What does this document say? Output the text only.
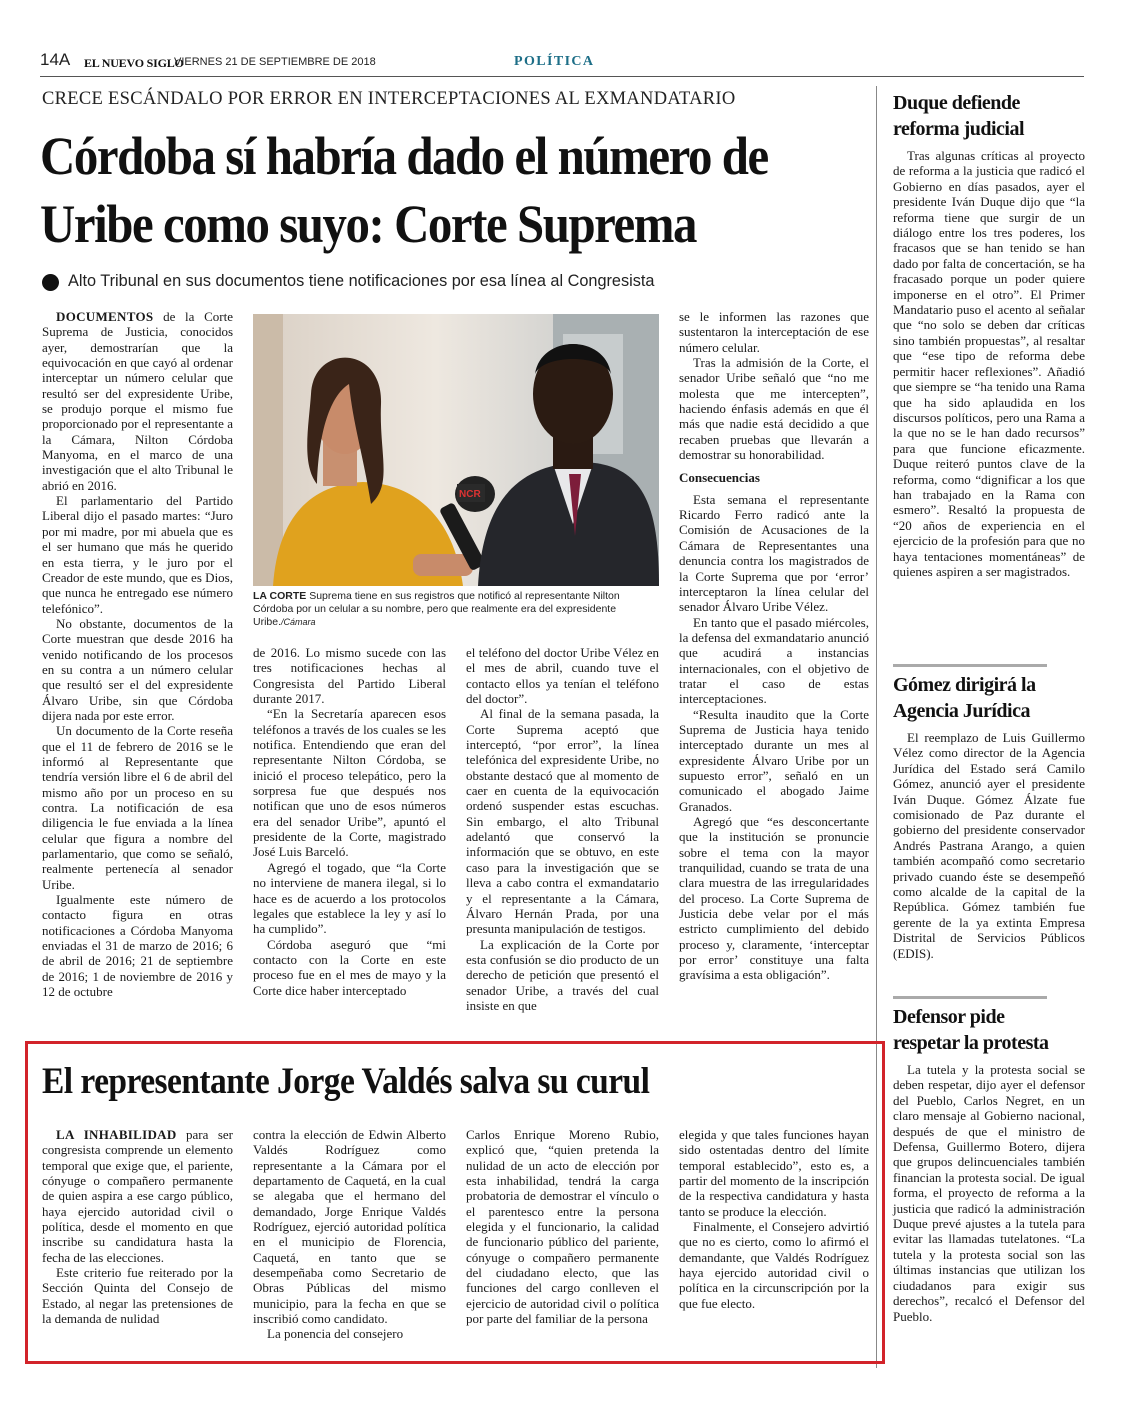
14A EL NUEVO SIGLO
VIERNES 21 DE SEPTIEMBRE DE 2018	POLÍTICA
CRECE ESCÁNDALO POR ERROR EN INTERCEPTACIONES AL EXMANDATARIO
Córdoba sí habría dado el número de Uribe como suyo: Corte Suprema
Alto Tribunal en sus documentos tiene notificaciones por esa línea al Congresista

DOCUMENTOS de la Corte Suprema de Justicia, conocidos ayer, demostrarían que la equivocación en que cayó al ordenar interceptar un número celular que resultó ser del expresidente Uribe, se produjo porque el mismo fue proporcionado por el representante a la Cámara, Nilton Córdoba Manyoma, en el marco de una investigación que el alto Tribunal le abrió en 2016.

El parlamentario del Partido Liberal dijo el pasado martes: “Juro por mi madre, por mi abuela que es el ser humano que más he querido en esta tierra, y le juro por el Creador de este mundo, que es Dios, que nunca he entregado ese número telefónico”.

No obstante, documentos de la Corte muestran que desde 2016 ha venido notificando de los procesos en su contra a un número celular que resultó ser el del expresidente Álvaro Uribe, sin que Córdoba dijera nada por este error.

Un documento de la Corte reseña que el 11 de febrero de 2016 se le informó al Representante que tendría versión libre el 6 de abril del mismo año por un proceso en su contra. La notificación de esa diligencia le fue enviada a la línea celular que figura a nombre del parlamentario, que como se señaló, realmente pertenecía al senador Uribe.

Igualmente este número de contacto figura en otras notificaciones a Córdoba Manyoma enviadas el 31 de marzo de 2016; 6 de abril de 2016; 21 de septiembre de 2016; 1 de noviembre de 2016 y 12 de octubre

NCR
LA CORTE Suprema tiene en sus registros que notificó al representante Nilton Córdoba por un celular a su nombre, pero que realmente era del expresidente Uribe./Cámara

de 2016. Lo mismo sucede con las tres notificaciones hechas al Congresista del Partido Liberal durante 2017.

“En la Secretaría aparecen esos teléfonos a través de los cuales se les notifica. Entendiendo que eran del representante Nilton Córdoba, se inició el proceso telepático, pero la sorpresa fue que después nos notifican que uno de esos números era del senador Uribe”, apuntó el presidente de la Corte, magistrado José Luis Barceló.

Agregó el togado, que “la Corte no interviene de manera ilegal, si lo hace es de acuerdo a los protocolos legales que establece la ley y así lo ha cumplido”.

Córdoba aseguró que “mi contacto con la Corte en este proceso fue en el mes de mayo y la Corte dice haber interceptado

el teléfono del doctor Uribe Vélez en el mes de abril, cuando tuve el contacto ellos ya tenían el teléfono del doctor”.

Al final de la semana pasada, la Corte Suprema aceptó que interceptó, “por error”, la línea telefónica del expresidente Uribe, no obstante destacó que al momento de caer en cuenta de la equivocación ordenó suspender estas escuchas. Sin embargo, el alto Tribunal adelantó que conservó la información que se obtuvo, en este caso para la investigación que se lleva a cabo contra el exmandatario y el representante a la Cámara, Álvaro Hernán Prada, por una presunta manipulación de testigos.

La explicación de la Corte por esta confusión se dio producto de un derecho de petición que presentó el senador Uribe, a través del cual insiste en que

se le informen las razones que sustentaron la interceptación de ese número celular.

Tras la admisión de la Corte, el senador Uribe señaló que “no me molesta que me intercepten”, haciendo énfasis además en que él más que nadie está decidido a que recaben pruebas que llevarán a demostrar su honorabilidad.

Consecuencias

Esta semana el representante Ricardo Ferro radicó ante la Comisión de Acusaciones de la Cámara de Representantes una denuncia contra los magistrados de la Corte Suprema que por ‘error’ interceptaron la línea celular del senador Álvaro Uribe Vélez.

En tanto que el pasado miércoles, la defensa del exmandatario anunció que acudirá a instancias internacionales, con el objetivo de tratar el caso de estas interceptaciones.

“Resulta inaudito que la Corte Suprema de Justicia haya tenido interceptado durante un mes al expresidente Álvaro Uribe por un supuesto error”, señaló en un comunicado el abogado Jaime Granados.

Agregó que “es desconcertante que la institución se pronuncie sobre el tema con la mayor tranquilidad, cuando se trata de una clara muestra de las irregularidades del proceso. La Corte Suprema de Justicia debe velar por el más estricto cumplimiento del debido proceso y, claramente, ‘interceptar por error’ constituye una falta gravísima a esta obligación”.

Duque defiende reforma judicial

Tras algunas críticas al proyecto de reforma a la justicia que radicó el Gobierno en días pasados, ayer el presidente Iván Duque dijo que “la reforma tiene que surgir de un diálogo entre los tres poderes, los fracasos que se han tenido se han dado por falta de concertación, se ha fracasado porque un poder quiere imponerse en el otro”. El Primer Mandatario puso el acento al señalar que “no solo se deben dar críticas sino también propuestas”, al resaltar que “ese tipo de reforma debe permitir hacer reflexiones”. Añadió que siempre se “ha tenido una Rama que ha sido aplaudida en los discursos políticos, pero una Rama a la que no se le han dado recursos” para que funcione eficazmente. Duque reiteró puntos clave de la reforma, como “dignificar a los que han trabajado en la Rama con esmero”. Resaltó la propuesta de “20 años de experiencia en el ejercicio de la profesión para que no haya tentaciones momentáneas” de quienes aspiren a ser magistrados.

Gómez dirigirá la Agencia Jurídica

El reemplazo de Luis Guillermo Vélez como director de la Agencia Jurídica del Estado será Camilo Gómez, anunció ayer el presidente Iván Duque. Gómez Álzate fue comisionado de Paz durante el gobierno del presidente conservador Andrés Pastrana Arango, a quien también acompañó como secretario privado cuando éste se desempeñó como alcalde de la capital de la República. Gómez también fue gerente de la ya extinta Empresa Distrital de Servicios Públicos (EDIS).

Defensor pide respetar la protesta

La tutela y la protesta social se deben respetar, dijo ayer el defensor del Pueblo, Carlos Negret, en un claro mensaje al Gobierno nacional, después de que el ministro de Defensa, Guillermo Botero, dijera que grupos delincuenciales también financian la protesta social. De igual forma, el proyecto de reforma a la justicia que radicó la administración Duque prevé ajustes a la tutela para evitar las llamadas tutelatones. “La tutela y la protesta social son las últimas instancias que utilizan los ciudadanos para exigir sus derechos”, recalcó el Defensor del Pueblo.

El representante Jorge Valdés salva su curul

LA INHABILIDAD para ser congresista comprende un elemento temporal que exige que, el pariente, cónyuge o compañero permanente de quien aspira a ese cargo público, haya ejercido autoridad civil o política, desde el momento en que inscribe su candidatura hasta la fecha de las elecciones.

Este criterio fue reiterado por la Sección Quinta del Consejo de Estado, al negar las pretensiones de la demanda de nulidad

contra la elección de Edwin Alberto Valdés Rodríguez como representante a la Cámara por el departamento de Caquetá, en la cual se alegaba que el hermano del demandado, Jorge Enrique Valdés Rodríguez, ejerció autoridad política en el municipio de Florencia, Caquetá, en tanto que se desempeñaba como Secretario de Obras Públicas del mismo municipio, para la fecha en que se inscribió como candidato.

La ponencia del consejero

Carlos Enrique Moreno Rubio, explicó que, “quien pretenda la nulidad de un acto de elección por esta inhabilidad, tendrá la carga probatoria de demostrar el vínculo o el parentesco entre la persona elegida y el funcionario, la calidad de funcionario público del pariente, cónyuge o compañero permanente del ciudadano electo, que las funciones del cargo conlleven el ejercicio de autoridad civil o política por parte del familiar de la persona

elegida y que tales funciones hayan sido ostentadas dentro del límite temporal establecido”, esto es, a partir del momento de la inscripción de la respectiva candidatura y hasta tanto se produce la elección.

Finalmente, el Consejero advirtió que no es cierto, como lo afirmó el demandante, que Valdés Rodríguez haya ejercido autoridad civil o política en la circunscripción por la que fue electo.
